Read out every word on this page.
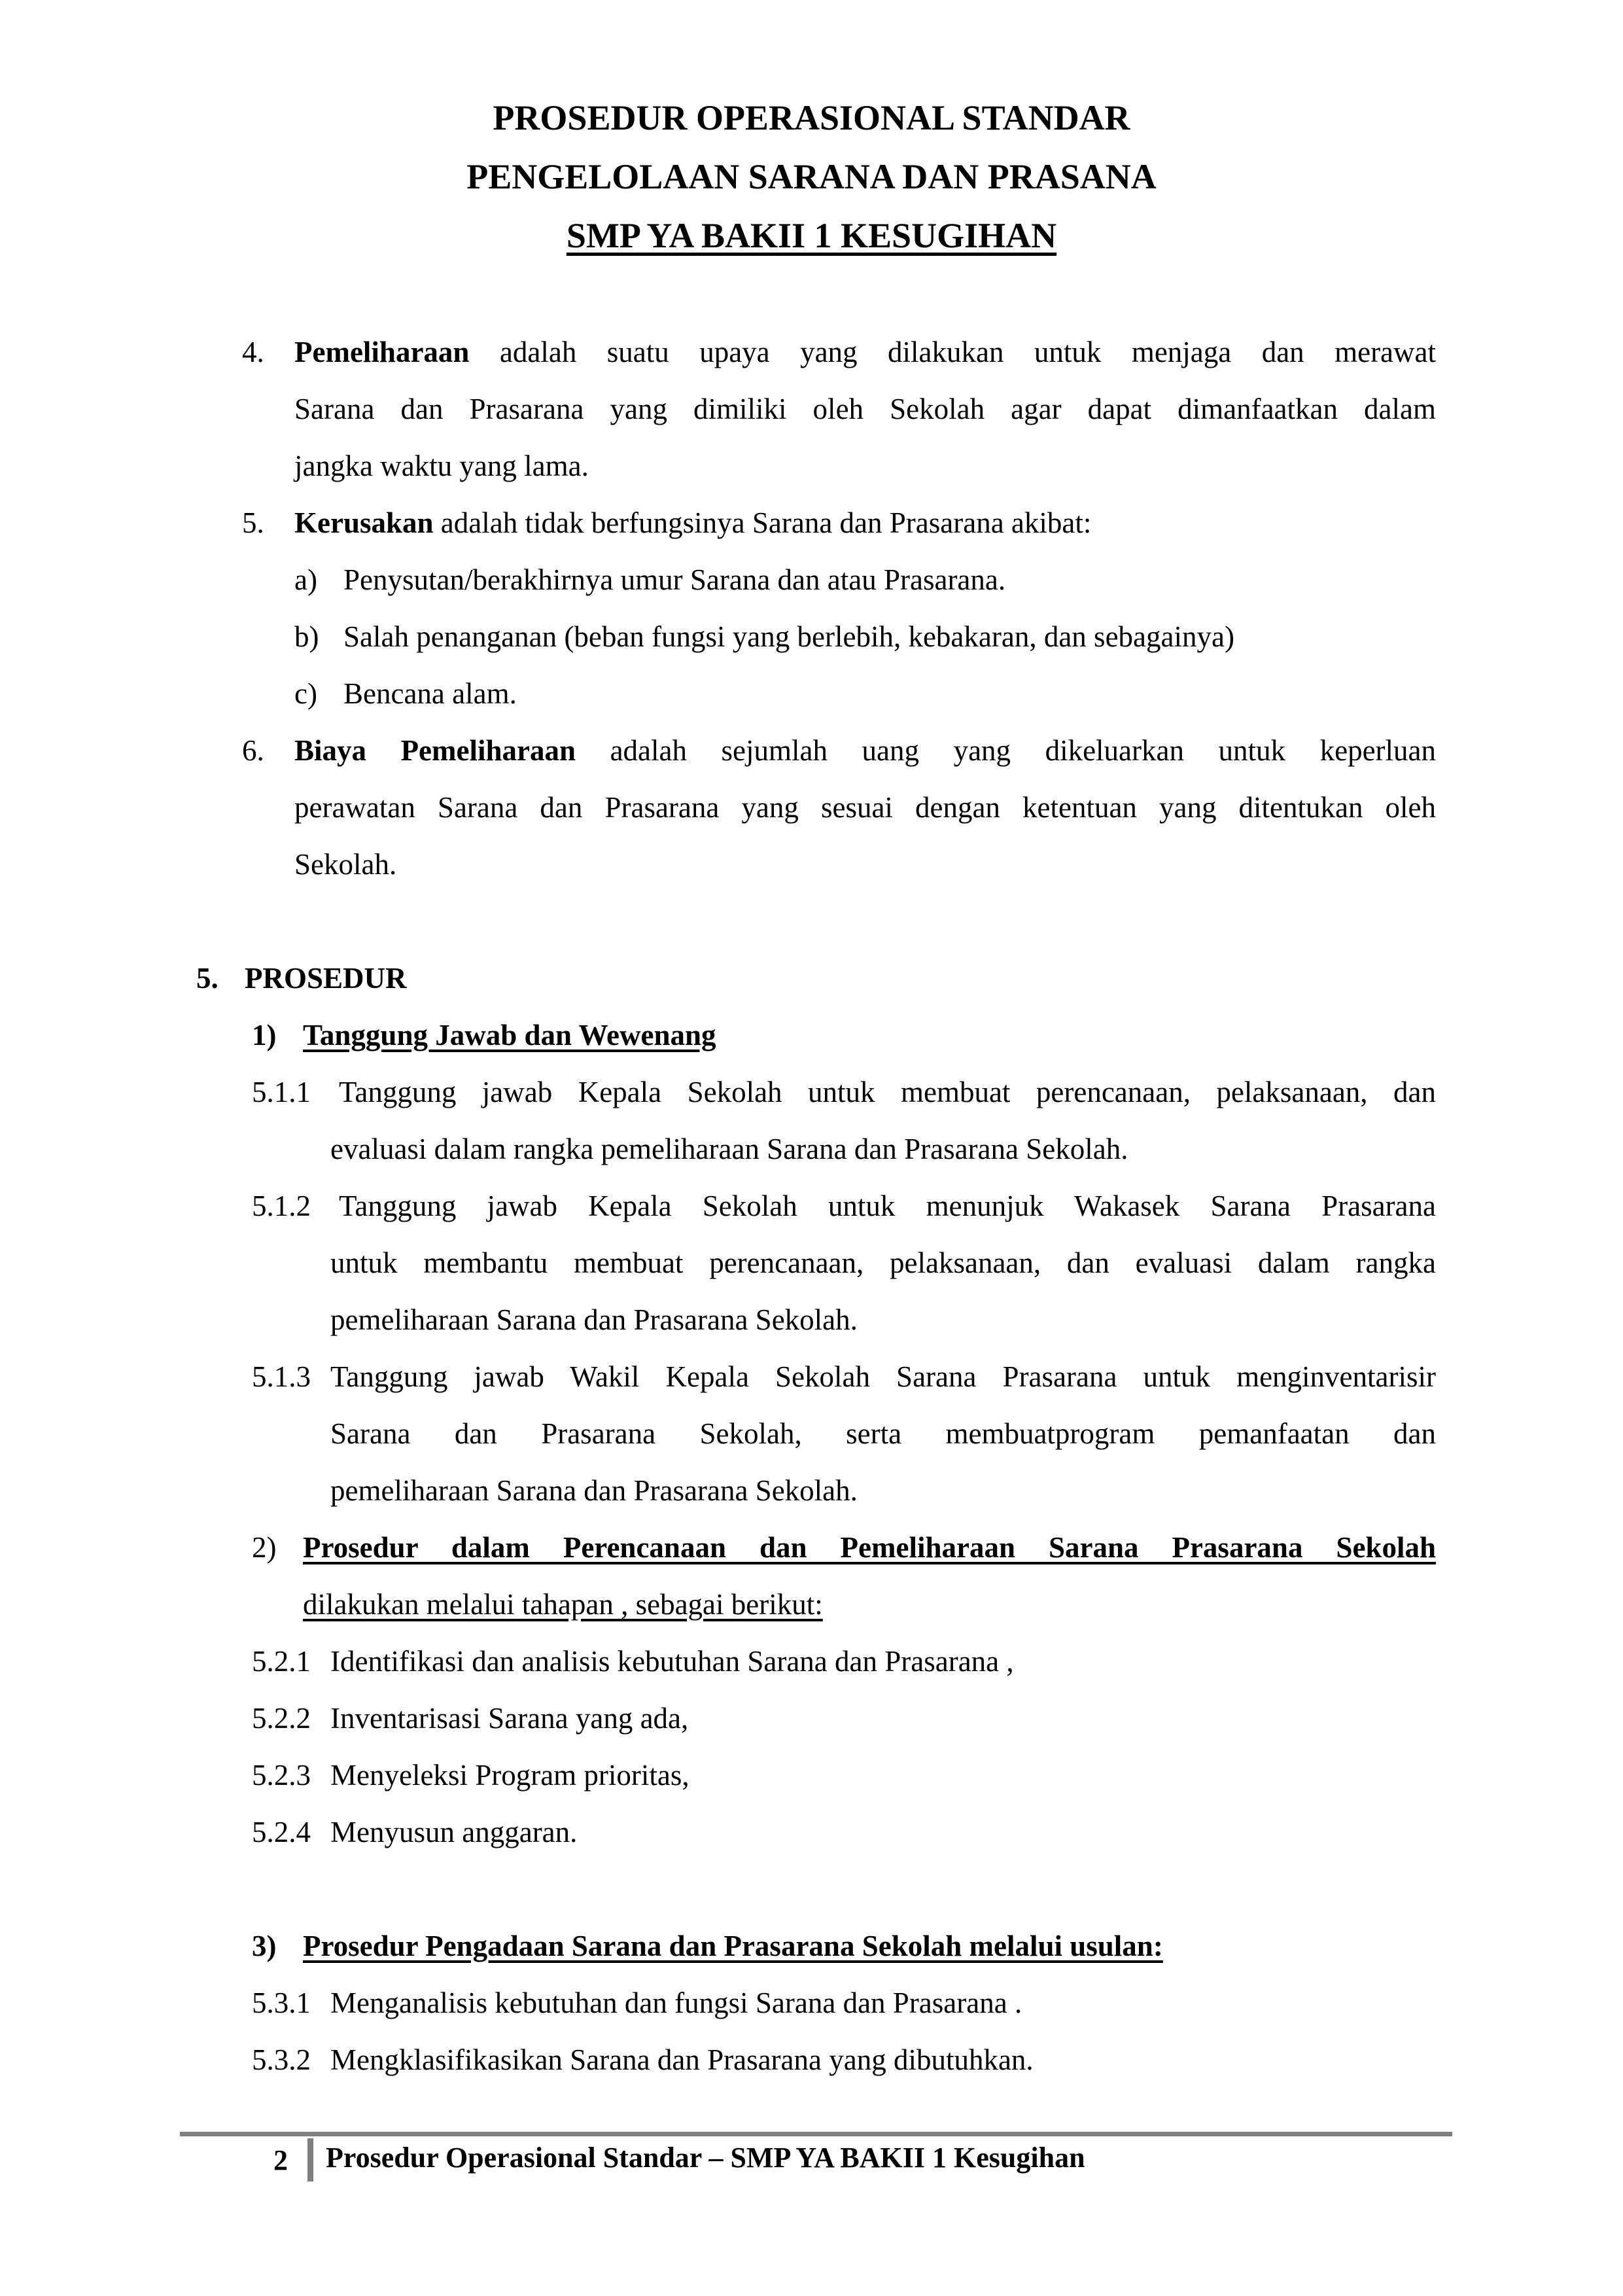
PROSEDUR OPERASIONAL STANDAR
PENGELOLAAN SARANA DAN PRASANA
SMP YA BAKII 1 KESUGIHAN
4. Pemeliharaan adalah suatu upaya yang dilakukan untuk menjaga dan merawat
Sarana dan Prasarana yang dimiliki oleh Sekolah agar dapat dimanfaatkan dalam
jangka waktu yang lama.
5. Kerusakan adalah tidak berfungsinya Sarana dan Prasarana akibat:
a) Penysutan/berakhirnya umur Sarana dan atau Prasarana.
b) Salah penanganan (beban fungsi yang berlebih, kebakaran, dan sebagainya)
c) Bencana alam.
6. Biaya Pemeliharaan adalah sejumlah uang yang dikeluarkan untuk keperluan
perawatan Sarana dan Prasarana yang sesuai dengan ketentuan yang ditentukan oleh
Sekolah.
5. PROSEDUR
1) Tanggung Jawab dan Wewenang
5.1.1 Tanggung jawab Kepala Sekolah untuk membuat perencanaan, pelaksanaan, dan
evaluasi dalam rangka pemeliharaan Sarana dan Prasarana Sekolah.
5.1.2 Tanggung jawab Kepala Sekolah untuk menunjuk Wakasek Sarana Prasarana
untuk membantu membuat perencanaan, pelaksanaan, dan evaluasi dalam rangka
pemeliharaan Sarana dan Prasarana Sekolah.
5.1.3 Tanggung jawab Wakil Kepala Sekolah Sarana Prasarana untuk menginventarisir
Sarana dan Prasarana Sekolah, serta membuatprogram pemanfaatan dan
pemeliharaan Sarana dan Prasarana Sekolah.
2) Prosedur dalam Perencanaan dan Pemeliharaan Sarana Prasarana Sekolah
dilakukan melalui tahapan , sebagai berikut:
5.2.1 Identifikasi dan analisis kebutuhan Sarana dan Prasarana ,
5.2.2 Inventarisasi Sarana yang ada,
5.2.3 Menyeleksi Program prioritas,
5.2.4 Menyusun anggaran.
3) Prosedur Pengadaan Sarana dan Prasarana Sekolah melalui usulan:
5.3.1 Menganalisis kebutuhan dan fungsi Sarana dan Prasarana .
5.3.2 Mengklasifikasikan Sarana dan Prasarana yang dibutuhkan.
2 Prosedur Operasional Standar – SMP YA BAKII 1 Kesugihan
